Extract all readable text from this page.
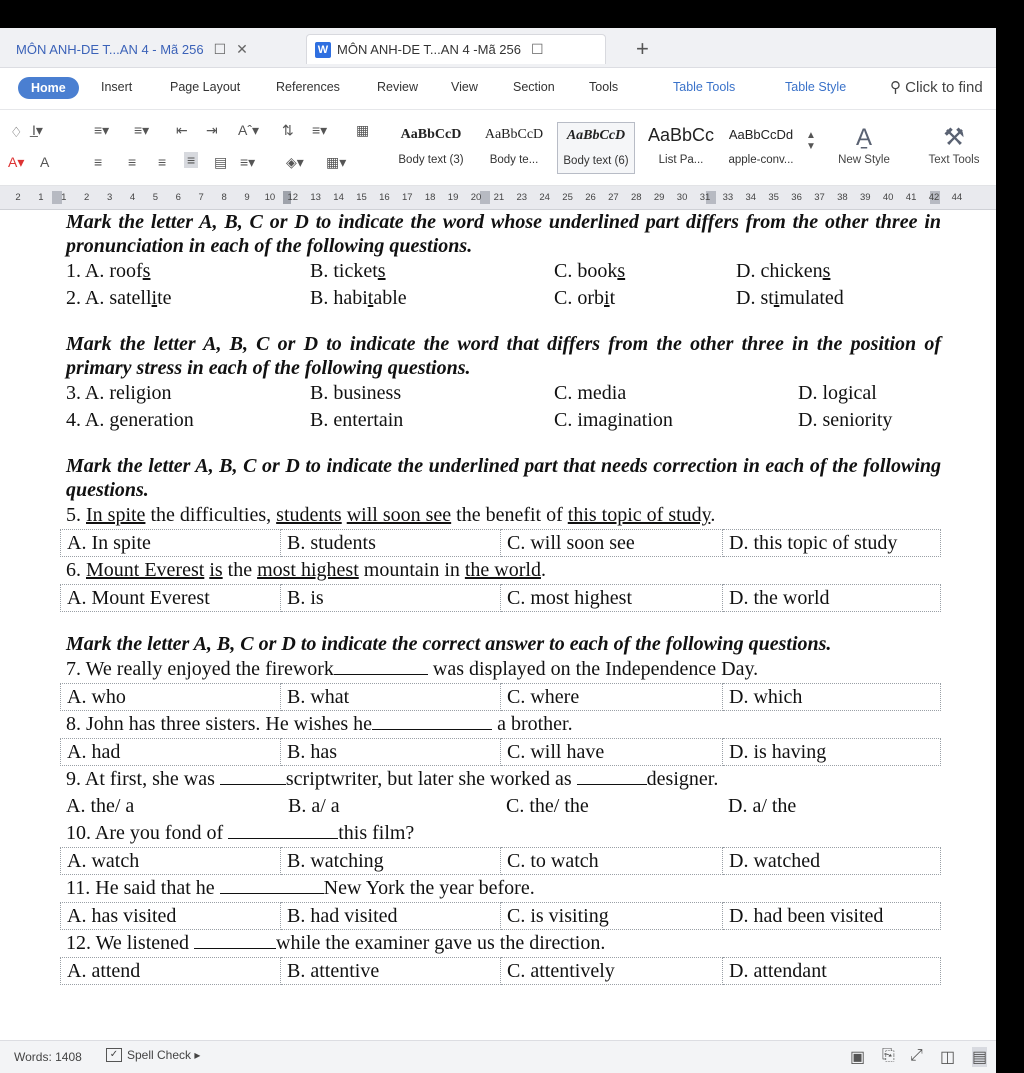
MÔN ANH-DE T...AN 4 - Mã 256 ☐ ✕	W MÔN ANH-DE T...AN 4 -Mã 256 ☐	+
Home	Insert	Page Layout	References	Review	View	Section	Tools	Table Tools	Table Style	⚲ Click to find
♢ I̲▾
A▾ A
≡▾ ≡▾ ⇤ ⇥ Aˆ▾ ⇅ ≡▾ ▦
≡ ≡ ≡ ≡ ▤ ≡▾ ◈▾ ▦▾
AaBbCcD
Body text (3)
AaBbCcD
Body te...
AaBbCcD
Body text (6)
AaBbCc
List Pa...
AaBbCcDd
apple-conv...
▲
▼	A̱
New Style
⚒
Text Tools
2	1	1	2	3	4	5	6	7	8	9	10	12	13	14	15	16	17	18	19	20	21	23	24	25	26	27	28	29	30	31	33	34	35	36	37	38	39	40	41	42	44

Mark the letter A, B, C or D to indicate the word whose underlined part differs from the other three in pronunciation in each of the following questions.

1. A. roofs	B. tickets	C. books	D. chickens
2. A. satellite	B. habitable	C. orbit	D. stimulated

Mark the letter A, B, C or D to indicate the word that differs from the other three in the position of primary stress in each of the following questions.

3. A. religion	B. business	C. media	D. logical
4. A. generation	B. entertain	C. imagination	D. seniority

Mark the letter A, B, C or D to indicate the underlined part that needs correction in each of the following questions.

5. In spite the difficulties, students will soon see the benefit of this topic of study.
A. In spite	B. students	C. will soon see	D. this topic of study
6. Mount Everest is the most highest mountain in the world.
A. Mount Everest	B. is	C. most highest	D. the world

Mark the letter A, B, C or D to indicate the correct answer to each of the following questions.

7. We really enjoyed the firework	was displayed on the Independence Day.
A. who	B. what	C. where	D. which
8. John has three sisters. He wishes he	a brother.
A. had	B. has	C. will have	D. is having
9. At first, she was	scriptwriter, but later she worked as	designer.
A. the/ a	B. a/ a	C. the/ the	D. a/ the
10. Are you fond of	this film?
A. watch	B. watching	C. to watch	D. watched
11. He said that he	New York the year before.
A. has visited	B. had visited	C. is visiting	D. had been visited
12. We listened	while the examiner gave us the direction.
A. attend	B. attentive	C. attentively	D. attendant
Words: 1408	✓ Spell Check ▸	▣ ⎘ ⤢ ◫ ▤
